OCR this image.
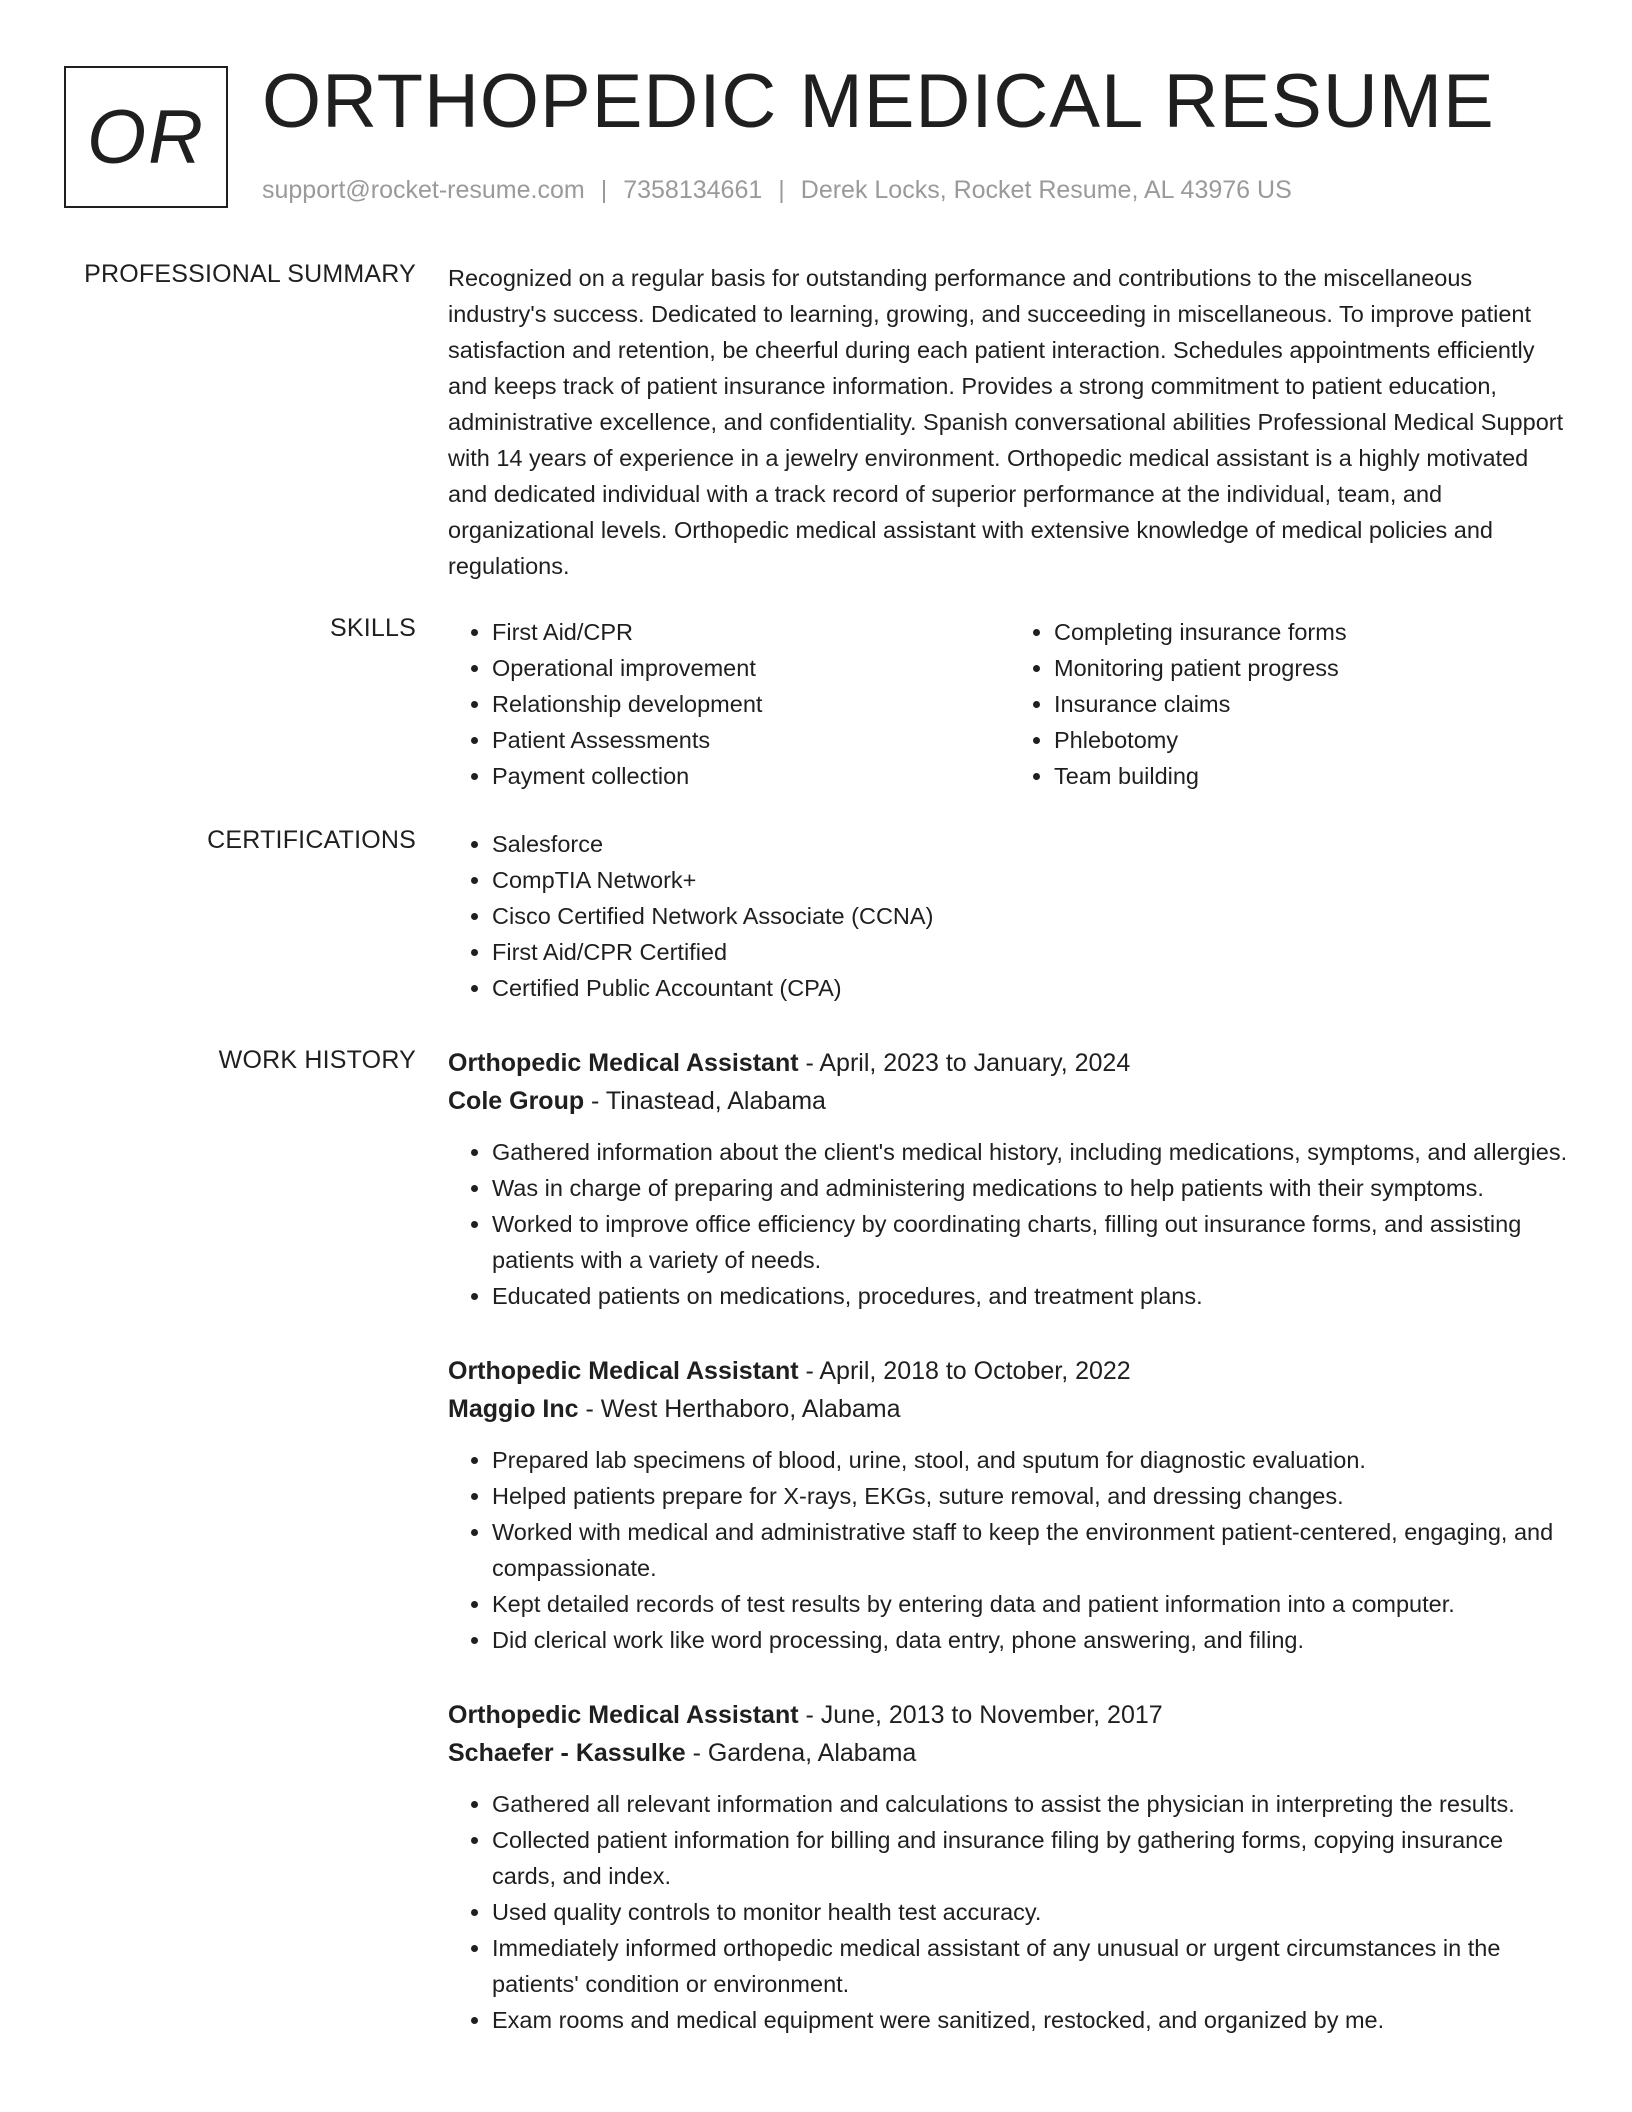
OR ORTHOPEDIC MEDICAL RESUME
support@rocket-resume.com | 7358134661 | Derek Locks, Rocket Resume, AL 43976 US
PROFESSIONAL SUMMARY Recognized on a regular basis for outstanding performance and contributions to the miscellaneous industry's success. Dedicated to learning, growing, and succeeding in miscellaneous. To improve patient satisfaction and retention, be cheerful during each patient interaction. Schedules appointments efficiently and keeps track of patient insurance information. Provides a strong commitment to patient education, administrative excellence, and confidentiality. Spanish conversational abilities Professional Medical Support with 14 years of experience in a jewelry environment. Orthopedic medical assistant is a highly motivated and dedicated individual with a track record of superior performance at the individual, team, and organizational levels. Orthopedic medical assistant with extensive knowledge of medical policies and regulations.

SKILLS	• First Aid/CPR
• Operational improvement
• Relationship development
• Patient Assessments
• Payment collection
• Completing insurance forms
• Monitoring patient progress
• Insurance claims
• Phlebotomy
• Team building
CERTIFICATIONS	• Salesforce
• CompTIA Network+
• Cisco Certified Network Associate (CCNA)
• First Aid/CPR Certified
• Certified Public Accountant (CPA)
WORK HISTORY Orthopedic Medical Assistant - April, 2023 to January, 2024
Cole Group - Tinastead, Alabama
• Gathered information about the client's medical history, including medications, symptoms, and allergies.
• Was in charge of preparing and administering medications to help patients with their symptoms.
• Worked to improve office efficiency by coordinating charts, filling out insurance forms, and assisting patients with a variety of needs.
• Educated patients on medications, procedures, and treatment plans.
Orthopedic Medical Assistant - April, 2018 to October, 2022
Maggio Inc - West Herthaboro, Alabama
• Prepared lab specimens of blood, urine, stool, and sputum for diagnostic evaluation.
• Helped patients prepare for X-rays, EKGs, suture removal, and dressing changes.
• Worked with medical and administrative staff to keep the environment patient-centered, engaging, and compassionate.
• Kept detailed records of test results by entering data and patient information into a computer.
• Did clerical work like word processing, data entry, phone answering, and filing.
Orthopedic Medical Assistant - June, 2013 to November, 2017
Schaefer - Kassulke - Gardena, Alabama
• Gathered all relevant information and calculations to assist the physician in interpreting the results.
• Collected patient information for billing and insurance filing by gathering forms, copying insurance cards, and index.
• Used quality controls to monitor health test accuracy.
• Immediately informed orthopedic medical assistant of any unusual or urgent circumstances in the patients' condition or environment.
• Exam rooms and medical equipment were sanitized, restocked, and organized by me.
